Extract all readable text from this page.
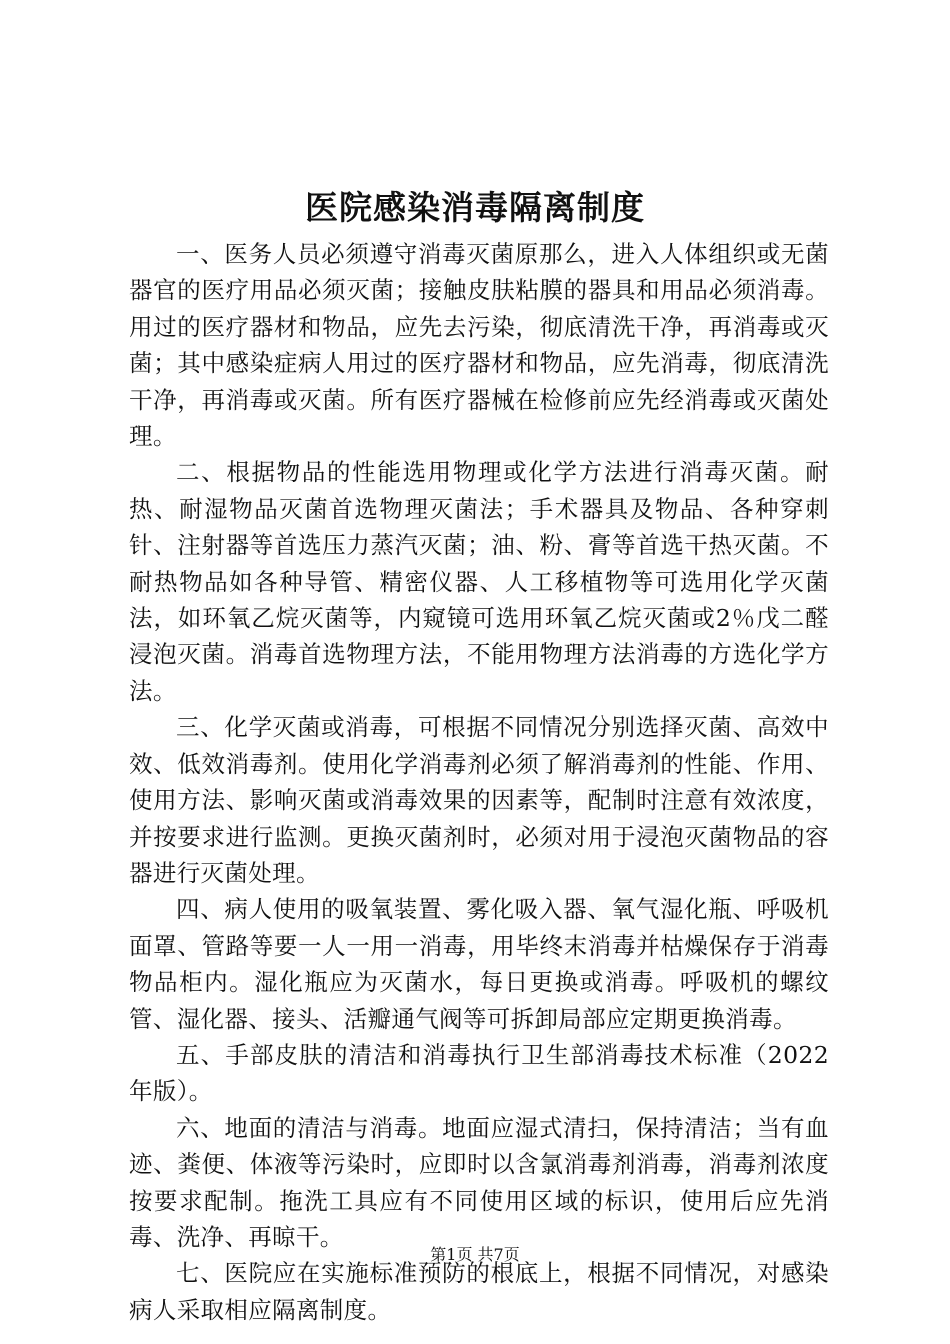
医院感染消毒隔离制度

一、医务人员必须遵守消毒灭菌原那么，进入人体组织或无菌器官的医疗用品必须灭菌；接触皮肤粘膜的器具和用品必须消毒。用过的医疗器材和物品，应先去污染，彻底清洗干净，再消毒或灭菌；其中感染症病人用过的医疗器材和物品，应先消毒，彻底清洗干净，再消毒或灭菌。所有医疗器械在检修前应先经消毒或灭菌处理。

二、根据物品的性能选用物理或化学方法进行消毒灭菌。耐热、耐湿物品灭菌首选物理灭菌法；手术器具及物品、各种穿刺针、注射器等首选压力蒸汽灭菌；油、粉、膏等首选干热灭菌。不耐热物品如各种导管、精密仪器、人工移植物等可选用化学灭菌法，如环氧乙烷灭菌等，内窥镜可选用环氧乙烷灭菌或2％戊二醛浸泡灭菌。消毒首选物理方法，不能用物理方法消毒的方选化学方法。

三、化学灭菌或消毒，可根据不同情况分别选择灭菌、高效中效、低效消毒剂。使用化学消毒剂必须了解消毒剂的性能、作用、使用方法、影响灭菌或消毒效果的因素等，配制时注意有效浓度，并按要求进行监测。更换灭菌剂时，必须对用于浸泡灭菌物品的容器进行灭菌处理。

四、病人使用的吸氧装置、雾化吸入器、氧气湿化瓶、呼吸机面罩、管路等要一人一用一消毒，用毕终末消毒并枯燥保存于消毒物品柜内。湿化瓶应为灭菌水，每日更换或消毒。呼吸机的螺纹管、湿化器、接头、活瓣通气阀等可拆卸局部应定期更换消毒。

五、手部皮肤的清洁和消毒执行卫生部消毒技术标准（2022年版）。

六、地面的清洁与消毒。地面应湿式清扫，保持清洁；当有血迹、粪便、体液等污染时，应即时以含氯消毒剂消毒，消毒剂浓度按要求配制。拖洗工具应有不同使用区域的标识，使用后应先消毒、洗净、再晾干。

七、医院应在实施标准预防的根底上，根据不同情况，对感染病人采取相应隔离制度。

第1页 共7页
